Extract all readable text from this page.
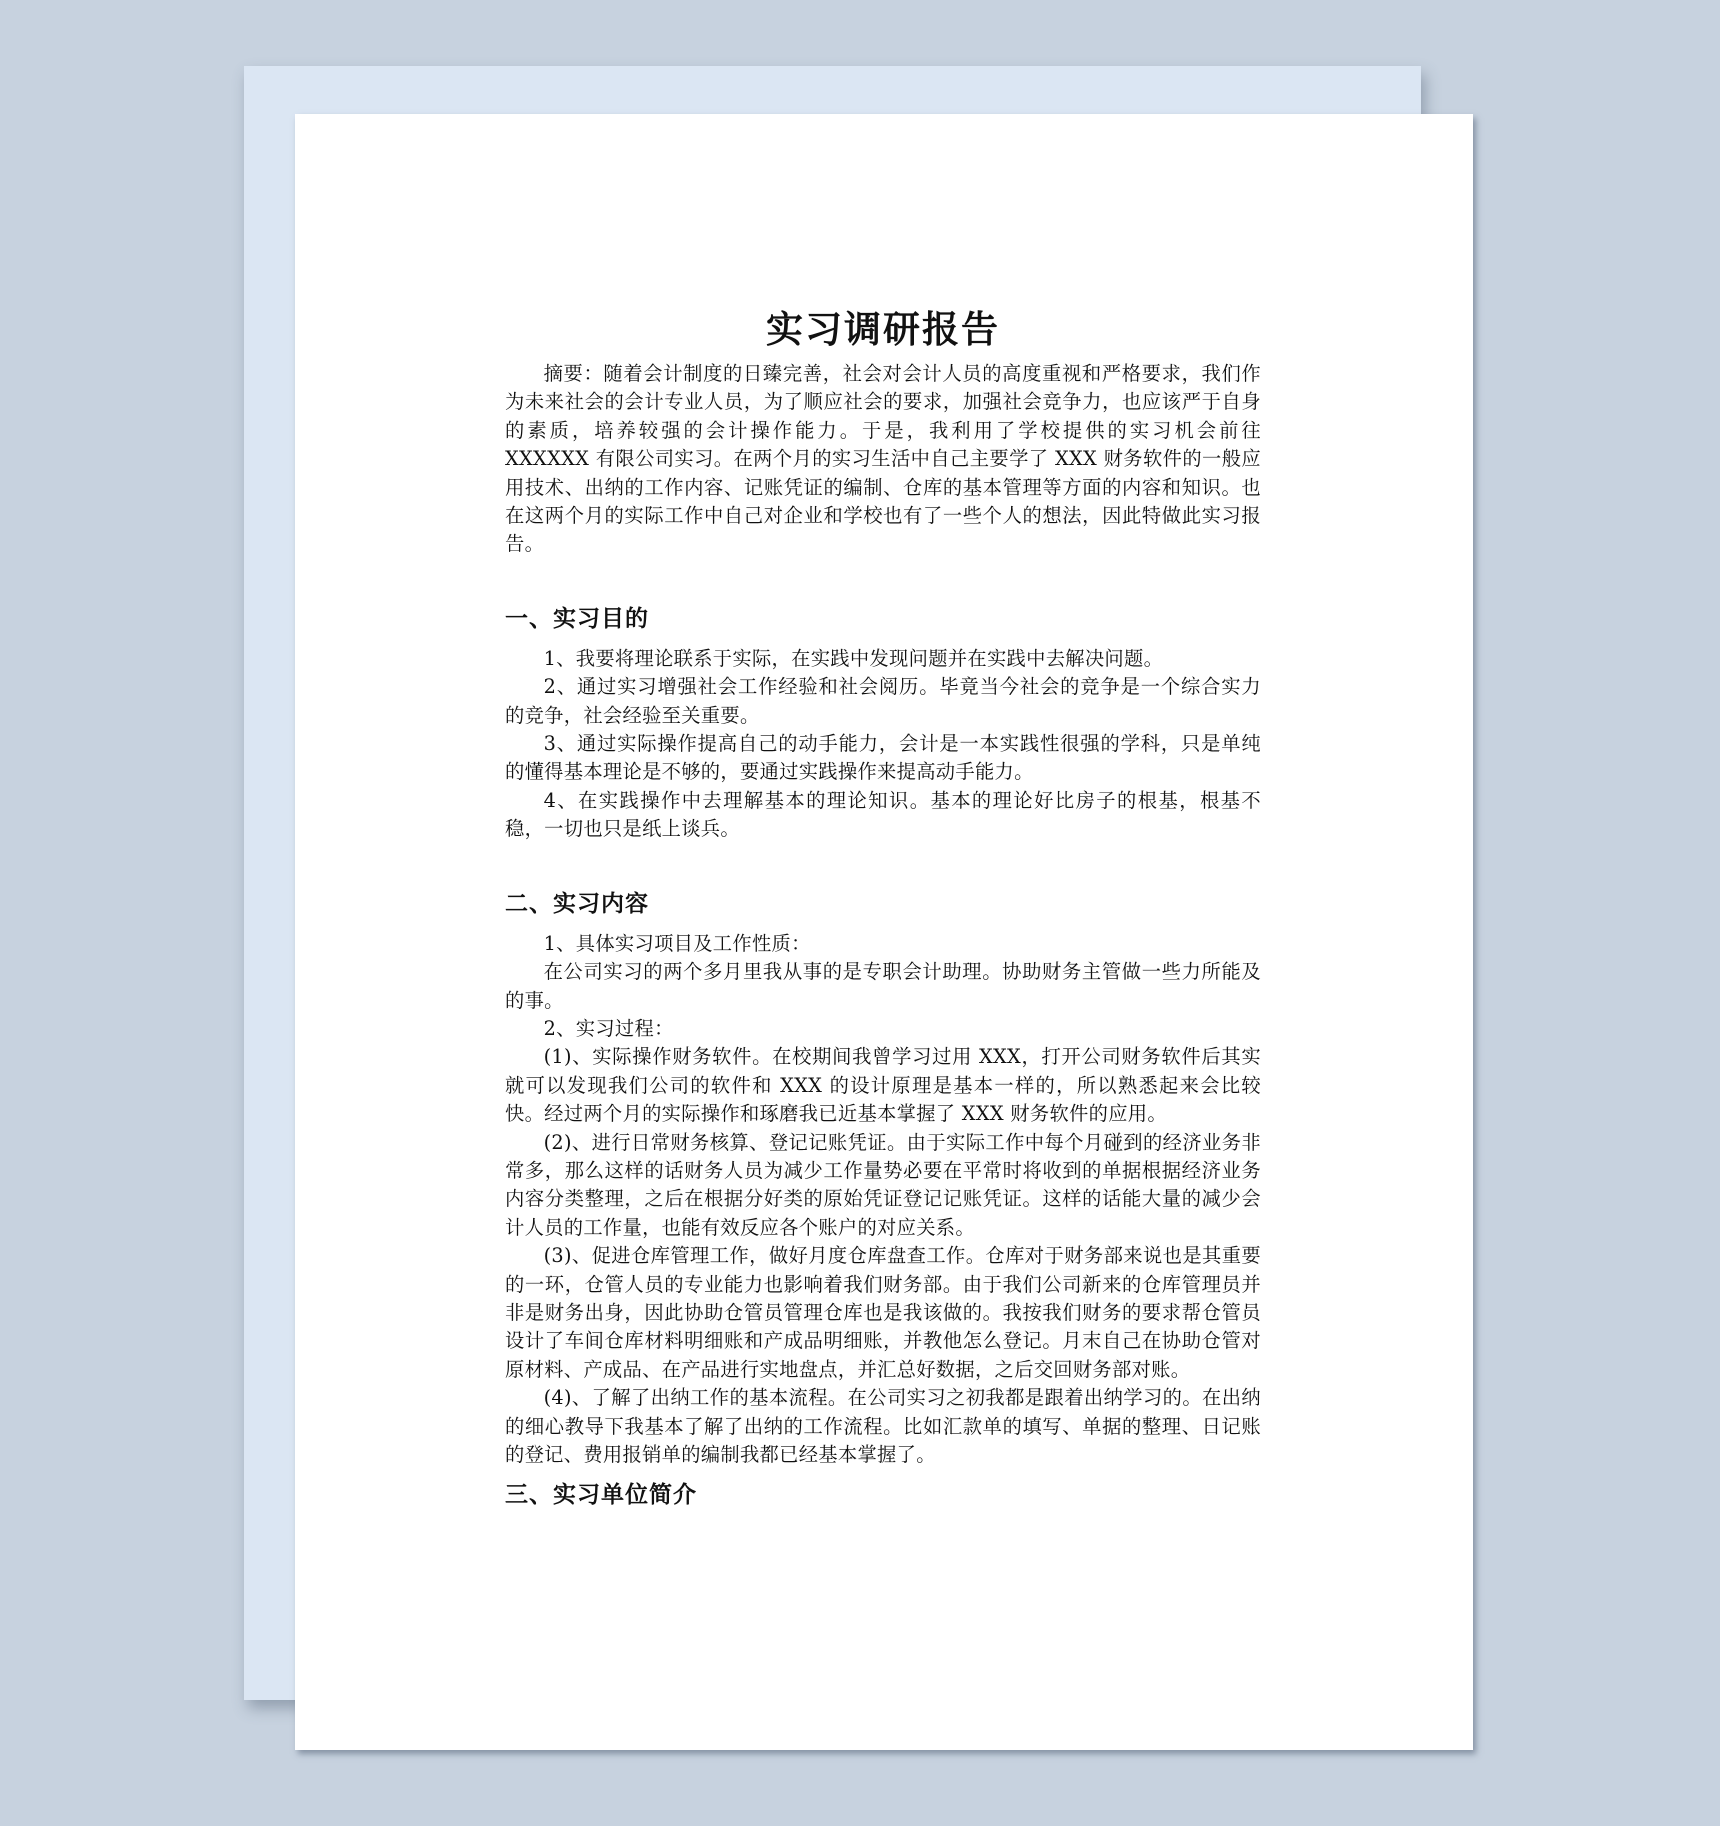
实习调研报告

摘要：随着会计制度的日臻完善，社会对会计人员的高度重视和严格要求，我们作为未来社会的会计专业人员，为了顺应社会的要求，加强社会竞争力，也应该严于自身的素质，培养较强的会计操作能力。于是，我利用了学校提供的实习机会前往 XXXXXX 有限公司实习。在两个月的实习生活中自己主要学了 XXX 财务软件的一般应用技术、出纳的工作内容、记账凭证的编制、仓库的基本管理等方面的内容和知识。也在这两个月的实际工作中自己对企业和学校也有了一些个人的想法，因此特做此实习报告。

一、实习目的

1、我要将理论联系于实际，在实践中发现问题并在实践中去解决问题。

2、通过实习增强社会工作经验和社会阅历。毕竟当今社会的竞争是一个综合实力的竞争，社会经验至关重要。

3、通过实际操作提高自己的动手能力，会计是一本实践性很强的学科，只是单纯的懂得基本理论是不够的，要通过实践操作来提高动手能力。

4、在实践操作中去理解基本的理论知识。基本的理论好比房子的根基，根基不稳，一切也只是纸上谈兵。

二、实习内容

1、具体实习项目及工作性质：

在公司实习的两个多月里我从事的是专职会计助理。协助财务主管做一些力所能及的事。

2、实习过程：

(1)、实际操作财务软件。在校期间我曾学习过用 XXX，打开公司财务软件后其实就可以发现我们公司的软件和 XXX 的设计原理是基本一样的，所以熟悉起来会比较快。经过两个月的实际操作和琢磨我已近基本掌握了 XXX 财务软件的应用。

(2)、进行日常财务核算、登记记账凭证。由于实际工作中每个月碰到的经济业务非常多，那么这样的话财务人员为减少工作量势必要在平常时将收到的单据根据经济业务内容分类整理，之后在根据分好类的原始凭证登记记账凭证。这样的话能大量的减少会计人员的工作量，也能有效反应各个账户的对应关系。

(3)、促进仓库管理工作，做好月度仓库盘查工作。仓库对于财务部来说也是其重要的一环，仓管人员的专业能力也影响着我们财务部。由于我们公司新来的仓库管理员并非是财务出身，因此协助仓管员管理仓库也是我该做的。我按我们财务的要求帮仓管员设计了车间仓库材料明细账和产成品明细账，并教他怎么登记。月末自己在协助仓管对原材料、产成品、在产品进行实地盘点，并汇总好数据，之后交回财务部对账。

(4)、了解了出纳工作的基本流程。在公司实习之初我都是跟着出纳学习的。在出纳的细心教导下我基本了解了出纳的工作流程。比如汇款单的填写、单据的整理、日记账的登记、费用报销单的编制我都已经基本掌握了。

三、实习单位简介
